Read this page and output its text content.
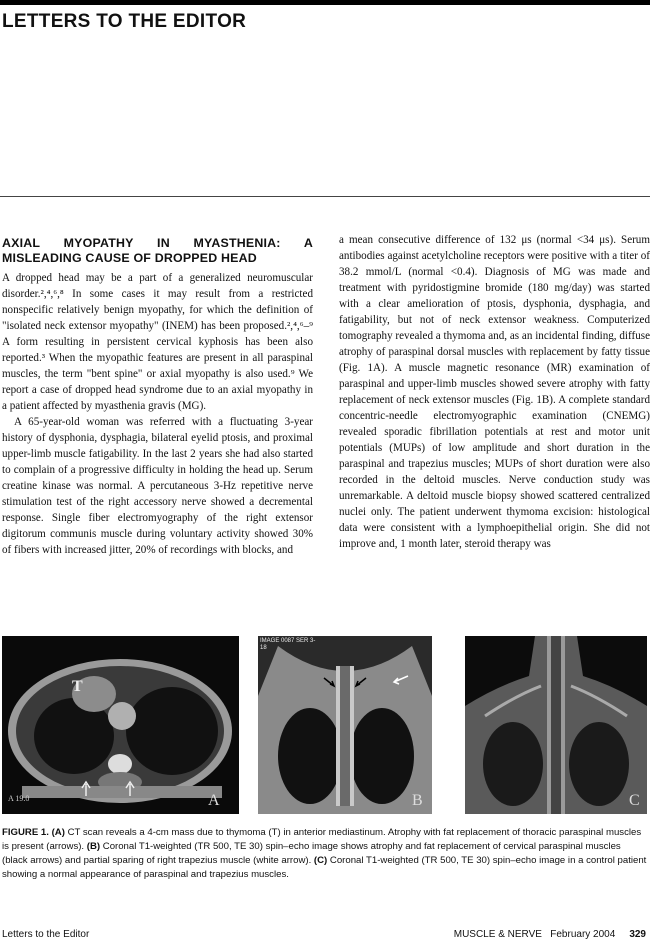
LETTERS TO THE EDITOR
AXIAL MYOPATHY IN MYASTHENIA: A MISLEADING CAUSE OF DROPPED HEAD

A dropped head may be a part of a generalized neuromuscular disorder.²,⁴,⁶,⁸ In some cases it may result from a restricted nonspecific relatively benign myopathy, for which the definition of "isolated neck extensor myopathy" (INEM) has been proposed.²,⁴,⁶–⁹ A form resulting in persistent cervical kyphosis has been also reported.³ When the myopathic features are present in all paraspinal muscles, the term "bent spine" or axial myopathy is also used.⁹ We report a case of dropped head syndrome due to an axial myopathy in a patient affected by myasthenia gravis (MG).

A 65-year-old woman was referred with a fluctuating 3-year history of dysphonia, dysphagia, bilateral eyelid ptosis, and proximal upper-limb muscle fatigability. In the last 2 years she had also started to complain of a progressive difficulty in holding the head up. Serum creatine kinase was normal. A percutaneous 3-Hz repetitive nerve stimulation test of the right accessory nerve showed a decremental response. Single fiber electromyography of the right extensor digitorum communis muscle during voluntary activity showed 30% of fibers with increased jitter, 20% of recordings with blocks, and

a mean consecutive difference of 132 μs (normal <34 μs). Serum antibodies against acetylcholine receptors were positive with a titer of 38.2 mmol/L (normal <0.4). Diagnosis of MG was made and treatment with pyridostigmine bromide (180 mg/day) was started with a clear amelioration of ptosis, dysphonia, dysphagia, and fatigability, but not of neck extensor weakness. Computerized tomography revealed a thymoma and, as an incidental finding, diffuse atrophy of paraspinal dorsal muscles with replacement by fatty tissue (Fig. 1A). A muscle magnetic resonance (MR) examination of paraspinal and upper-limb muscles showed severe atrophy with fatty replacement of neck extensor muscles (Fig. 1B). A complete standard concentric-needle electromyographic examination (CNEMG) revealed sporadic fibrillation potentials at rest and motor unit potentials (MUPs) of low amplitude and short duration in the paraspinal and trapezius muscles; MUPs of short duration were also recorded in the deltoid muscles. Nerve conduction study was unremarkable. A deltoid muscle biopsy showed scattered centralized nuclei only. The patient underwent thymoma excision: histological data were consistent with a lymphoepithelial origin. She did not improve and, 1 month later, steroid therapy was

T
A 19.0	A
IMAGE 0087 SER 3-18
B	C
FIGURE 1. (A) CT scan reveals a 4-cm mass due to thymoma (T) in anterior mediastinum. Atrophy with fat replacement of thoracic paraspinal muscles is present (arrows). (B) Coronal T1-weighted (TR 500, TE 30) spin–echo image shows atrophy and fat replacement of cervical paraspinal muscles (black arrows) and partial sparing of right trapezius muscle (white arrow). (C) Coronal T1-weighted (TR 500, TE 30) spin–echo image in a control patient showing a normal appearance of paraspinal and trapezius muscles.
Letters to the Editor	MUSCLE & NERVE February 2004 329
